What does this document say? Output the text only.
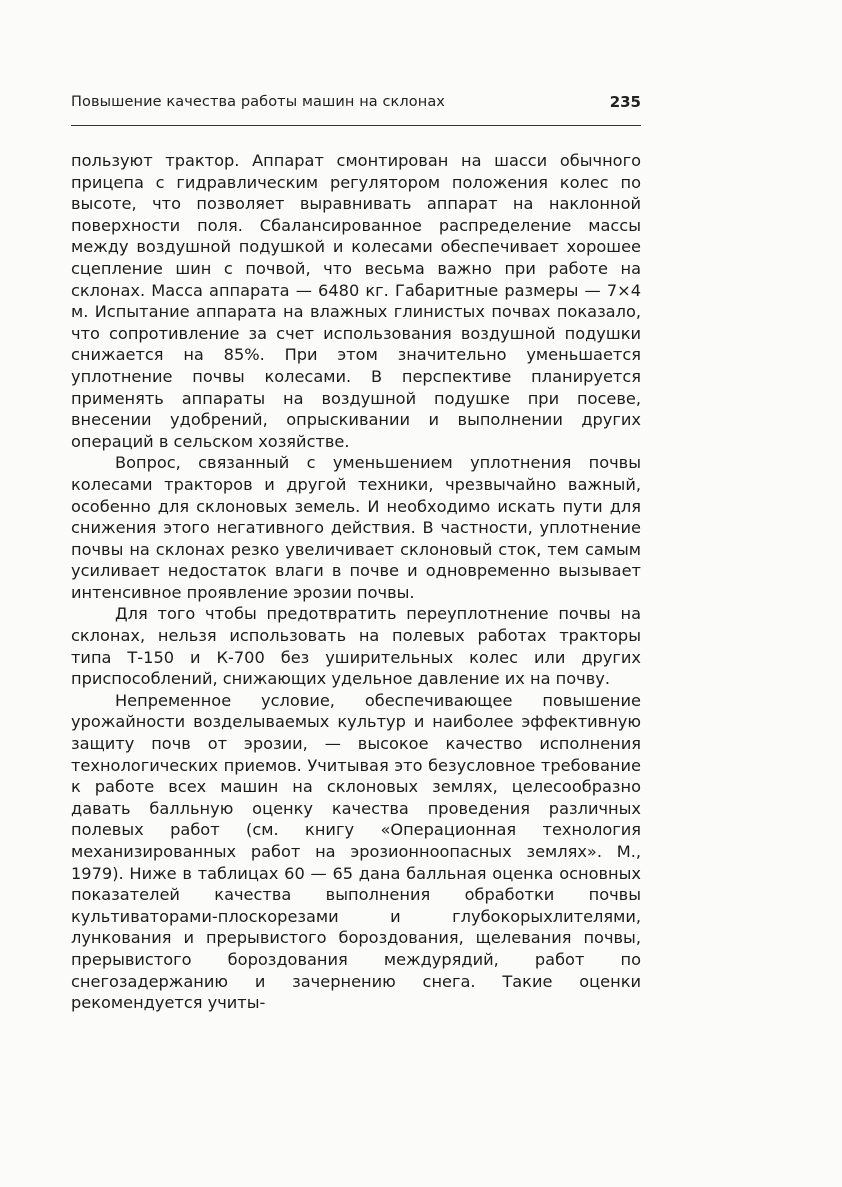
Повышение качества работы машин на склонах	235

пользуют трактор. Аппарат смонтирован на шасси обычного прицепа с гидравлическим регулятором положения колес по высоте, что позволяет выравнивать аппарат на наклонной поверхности поля. Сбалансированное распределение массы между воздушной подушкой и колесами обеспечивает хорошее сцепление шин с почвой, что весьма важно при работе на склонах. Масса аппарата — 6480 кг. Габаритные размеры — 7×4 м. Испытание аппарата на влажных глинистых почвах показало, что сопротивление за счет использования воздушной подушки снижается на 85%. При этом значительно уменьшается уплотнение почвы колесами. В перспективе планируется применять аппараты на воздушной подушке при посеве, внесении удобрений, опрыскивании и выполнении других операций в сельском хозяйстве.

Вопрос, связанный с уменьшением уплотнения почвы колесами тракторов и другой техники, чрезвычайно важный, особенно для склоновых земель. И необходимо искать пути для снижения этого негативного действия. В частности, уплотнение почвы на склонах резко увеличивает склоновый сток, тем самым усиливает недостаток влаги в почве и одновременно вызывает интенсивное проявление эрозии почвы.

Для того чтобы предотвратить переуплотнение почвы на склонах, нельзя использовать на полевых работах тракторы типа Т-150 и К-700 без уширительных колес или других приспособлений, снижающих удельное давление их на почву.

Непременное условие, обеспечивающее повышение урожайности возделываемых культур и наиболее эффективную защиту почв от эрозии, — высокое качество исполнения технологических приемов. Учитывая это безусловное требование к работе всех машин на склоновых землях, целесообразно давать балльную оценку качества проведения различных полевых работ (см. книгу «Операционная технология механизированных работ на эрозионноопасных землях». М., 1979). Ниже в таблицах 60 — 65 дана балльная оценка основных показателей качества выполнения обработки почвы культиваторами-плоскорезами и глубокорыхлителями, лункования и прерывистого бороздования, щелевания почвы, прерывистого бороздования междурядий, работ по снегозадержанию и зачернению снега. Такие оценки рекомендуется учиты-
